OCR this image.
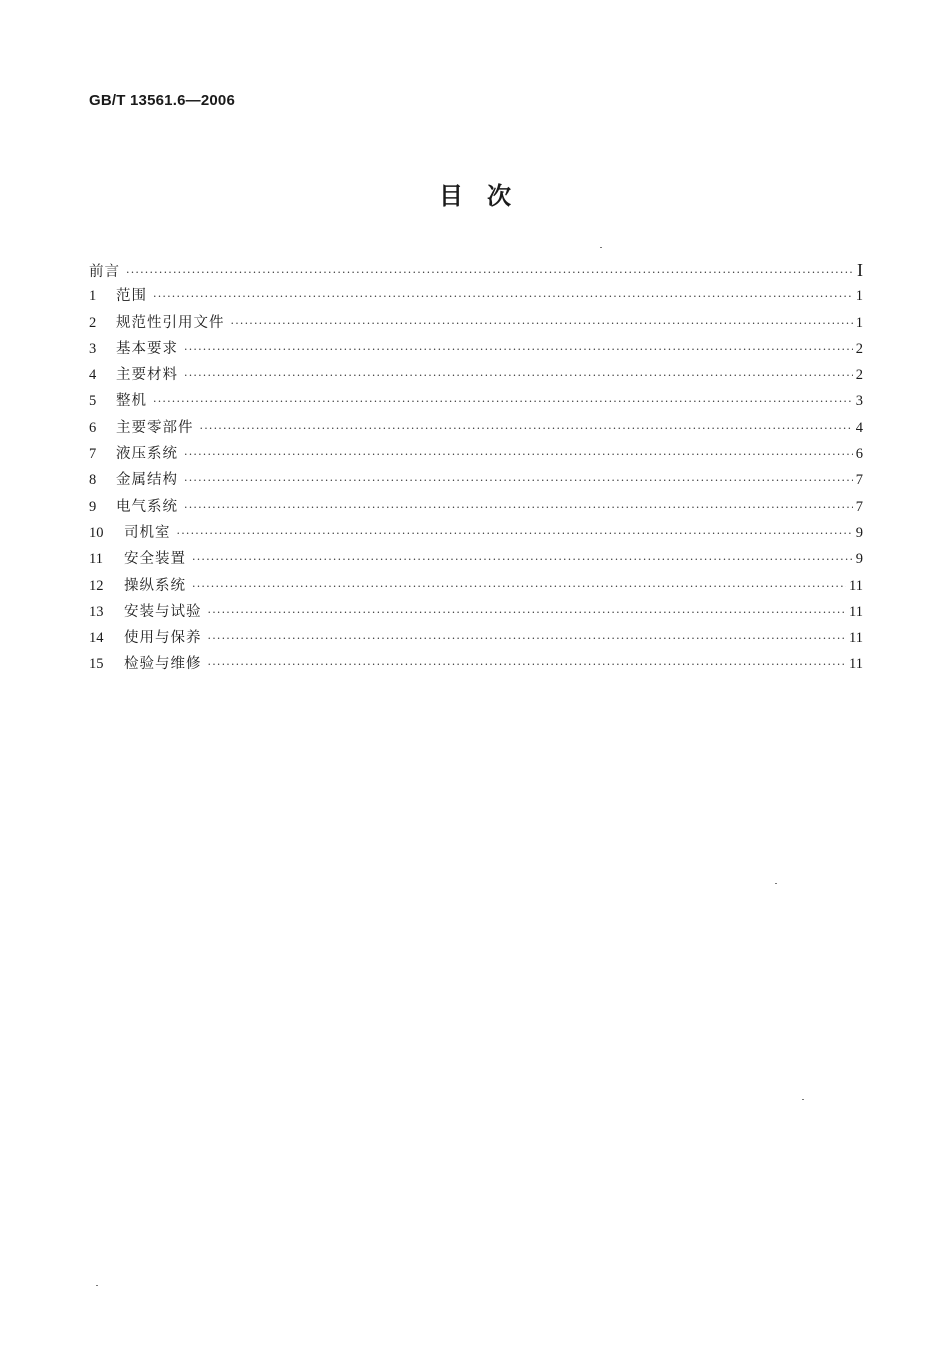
GB/T 13561.6—2006
目　次
前言 ·····	I
1	范围 ·····	1
2	规范性引用文件 ·····	1
3	基本要求 ·····	2
4	主要材料 ·····	2
5	整机 ·····	3
6	主要零部件 ·····	4
7	液压系统 ·····	6
8	金属结构 ·····	7
9	电气系统 ·····	7
10	司机室 ·····	9
11	安全装置 ·····	9
12	操纵系统 ·····	11
13	安装与试验 ·····	11
14	使用与保养 ·····	11
15	检验与维修 ·····	11
